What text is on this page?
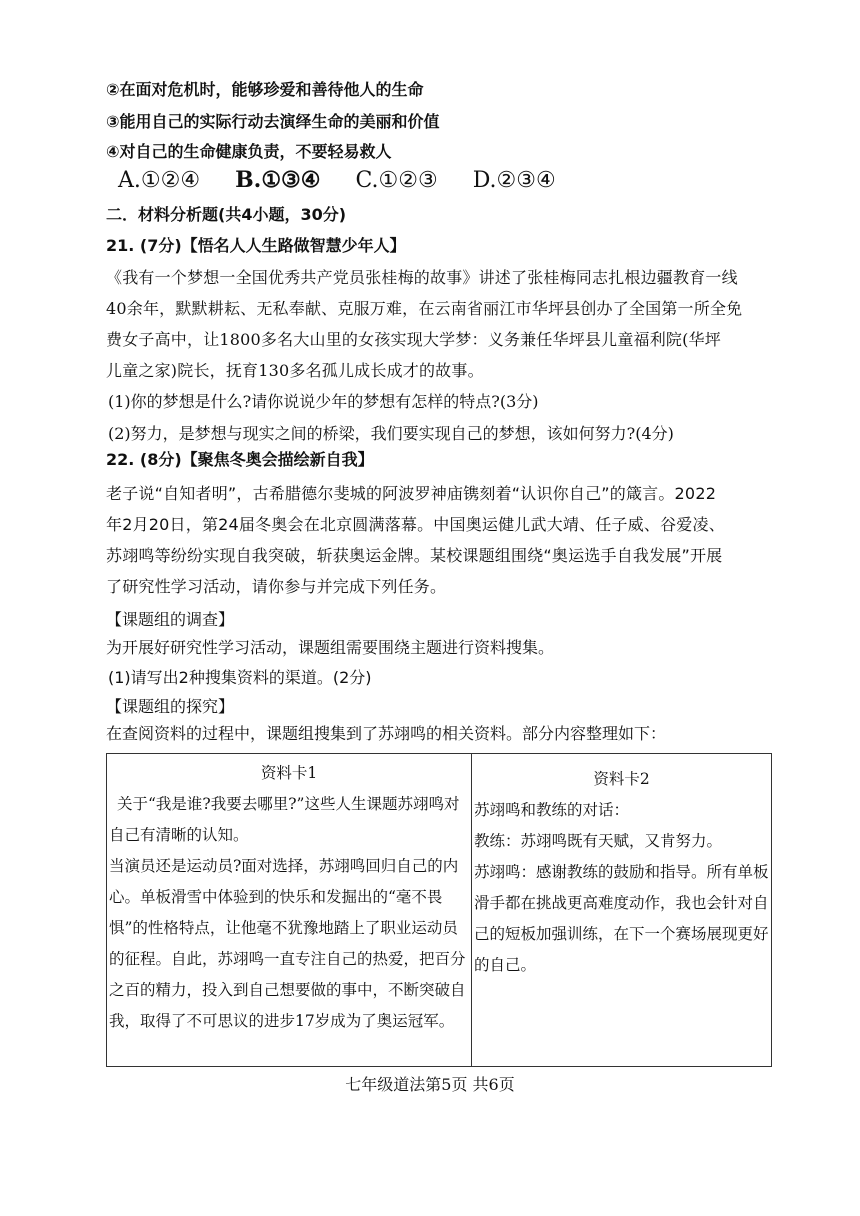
②在面对危机时，能够珍爱和善待他人的生命
③能用自己的实际行动去演绎生命的美丽和价值
④对自己的生命健康负责，不要轻易救人
A.①②④ B.①③④ C.①②③ D.②③④
二．材料分析题(共4小题，30分)
21. (7分)【悟名人人生路做智慧少年人】
《我有一个梦想一全国优秀共产党员张桂梅的故事》讲述了张桂梅同志扎根边疆教育一线
40余年，默默耕耘、无私奉献、克服万难，在云南省丽江市华坪县创办了全国第一所全免
费女子高中，让1800多名大山里的女孩实现大学梦：义务兼任华坪县儿童福利院(华坪
儿童之家)院长，抚育130多名孤儿成长成才的故事。
(1)你的梦想是什么?请你说说少年的梦想有怎样的特点?(3分)
(2)努力，是梦想与现实之间的桥梁，我们要实现自己的梦想，该如何努力?(4分)
22. (8分)【聚焦冬奥会描绘新自我】
老子说“自知者明”，古希腊德尔斐城的阿波罗神庙镌刻着“认识你自己”的箴言。2022
年2月20日，第24届冬奥会在北京圆满落幕。中国奥运健儿武大靖、任子威、谷爱凌、
苏翊鸣等纷纷实现自我突破，斩获奥运金牌。某校课题组围绕“奥运选手自我发展”开展
了研究性学习活动，请你参与并完成下列任务。
【课题组的调查】
为开展好研究性学习活动，课题组需要围绕主题进行资料搜集。
(1)请写出2种搜集资料的渠道。(2分)
【课题组的探究】
在查阅资料的过程中，课题组搜集到了苏翊鸣的相关资料。部分内容整理如下：
资料卡1
关于“我是谁?我要去哪里?”这些人生课题苏翊鸣对自己有清晰的认知。
当演员还是运动员?面对选择，苏翊鸣回归自己的内心。单板滑雪中体验到的快乐和发掘出的“毫不畏惧”的性格特点，让他毫不犹豫地踏上了职业运动员的征程。自此，苏翊鸣一直专注自己的热爱，把百分之百的精力，投入到自己想要做的事中，不断突破自我，取得了不可思议的进步17岁成为了奥运冠军。

资料卡2
苏翊鸣和教练的对话：
教练：苏翊鸣既有天赋，又肯努力。
苏翊鸣：感谢教练的鼓励和指导。所有单板滑手都在挑战更高难度动作，我也会针对自己的短板加强训练，在下一个赛场展现更好的自己。
七年级道法第5页 共6页
